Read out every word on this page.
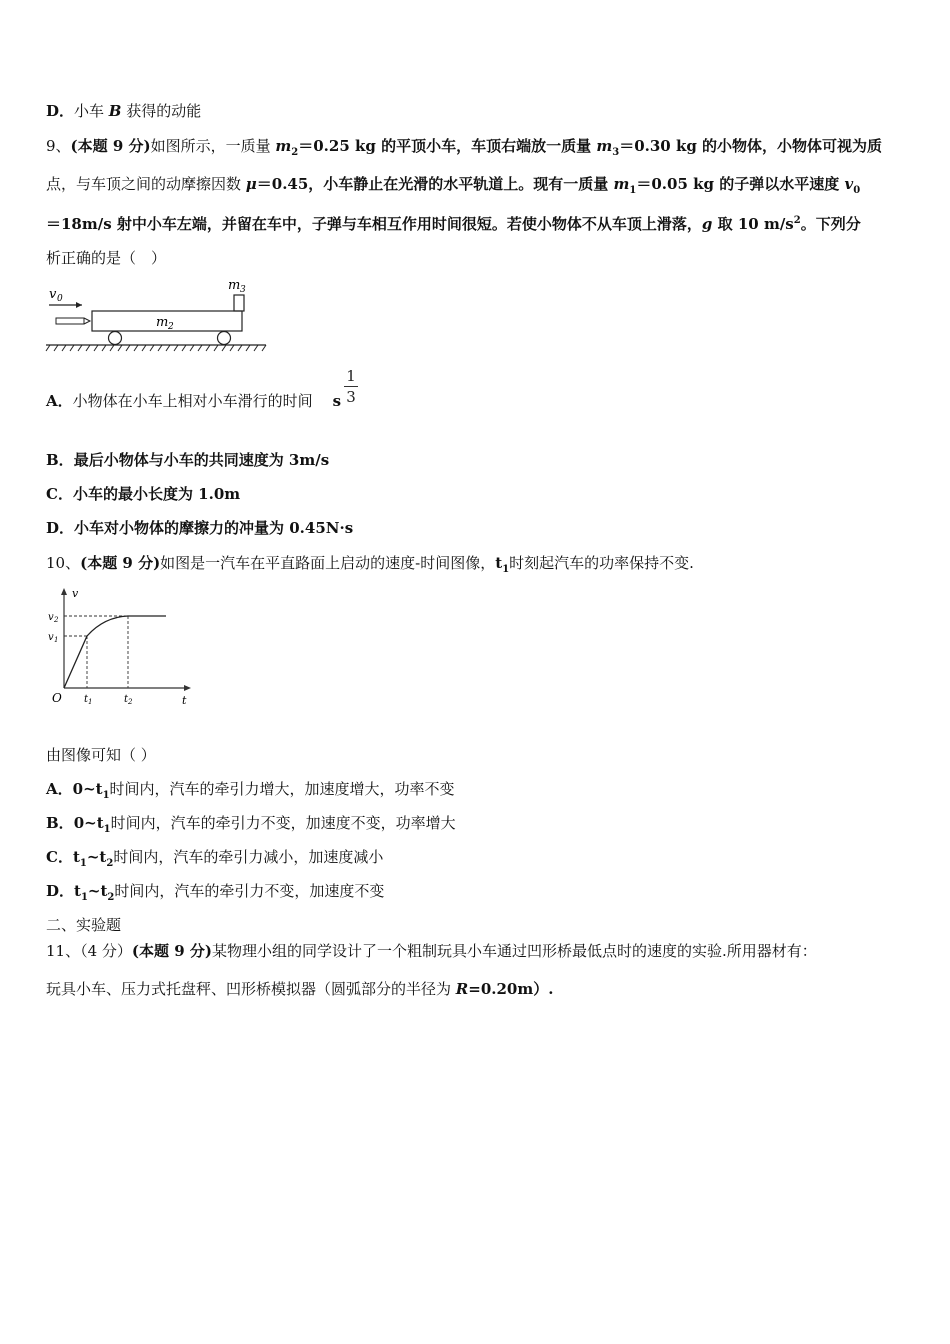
D．小车 B 获得的动能
9、(本题 9 分)如图所示，一质量 $m_2=0.25$ kg 的平顶小车，车顶右端放一质量 $m_3=0.30$ kg 的小物体，小物体可视为质
点，与车顶之间的动摩擦因数 μ＝0.45，小车静止在光滑的水平轨道上。现有一质量 $m_1=0.05$ kg 的子弹以水平速度 $v_0$
＝18m/s 射中小车左端，并留在车中，子弹与车相互作用时间很短。若使小物体不从车顶上滑落，g 取 10 $m/s^2$。下列分
析正确的是（　）
v 0
m 2
m 3
A．小物体在小车上相对小车滑行的时间 s
1
3
B．最后小物体与小车的共同速度为 3m/s
C．小车的最小长度为 1.0m
D．小车对小物体的摩擦力的冲量为 0.45N·s
10、(本题 9 分)如图是一汽车在平直路面上启动的速度-时间图像，$t_1$时刻起汽车的功率保持不变.
v
t
O
v 2
v 1
t 1	t 2
由图像可知（ ）
A．$0\sim t_1$时间内，汽车的牵引力增大，加速度增大，功率不变
B．$0\sim t_1$时间内，汽车的牵引力不变，加速度不变，功率增大
C．$t_1\sim t_2$时间内，汽车的牵引力减小，加速度减小
D．$t_1\sim t_2$时间内，汽车的牵引力不变，加速度不变
二、实验题
11、（4 分）(本题 9 分)某物理小组的同学设计了一个粗制玩具小车通过凹形桥最低点时的速度的实验.所用器材有：
玩具小车、压力式托盘秤、凹形桥模拟器（圆弧部分的半径为 R=0.20m）.
